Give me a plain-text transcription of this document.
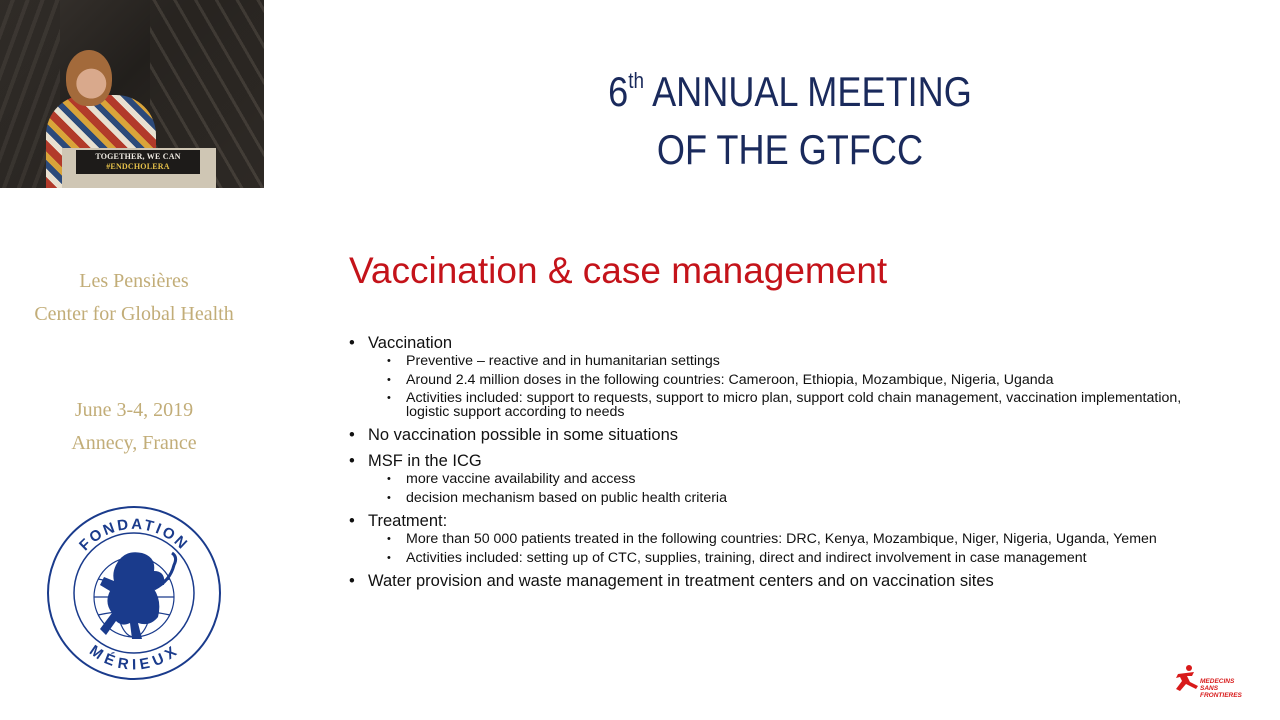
TOGETHER, WE CAN
#ENDCHOLERA
6th ANNUAL MEETING
OF THE GTFCC
Les Pensières
Center for Global Health
June 3-4, 2019
Annecy, France
FONDATION
MÉRIEUX
Vaccination & case management
• Vaccination
• Preventive – reactive and in humanitarian settings
• Around 2.4 million doses in the following countries: Cameroon, Ethiopia, Mozambique, Nigeria, Uganda
• Activities included: support to requests, support to micro plan, support cold chain management, vaccination implementation, logistic support according to needs
• No vaccination possible in some situations
• MSF in the ICG
• more vaccine availability and access
• decision mechanism based on public health criteria
• Treatment:
• More than 50 000 patients treated in the following countries: DRC, Kenya, Mozambique, Niger, Nigeria, Uganda, Yemen
• Activities included: setting up of CTC, supplies, training, direct and indirect involvement in case management
• Water provision and waste management in treatment centers and on vaccination sites
MEDECINS
SANS FRONTIERES
